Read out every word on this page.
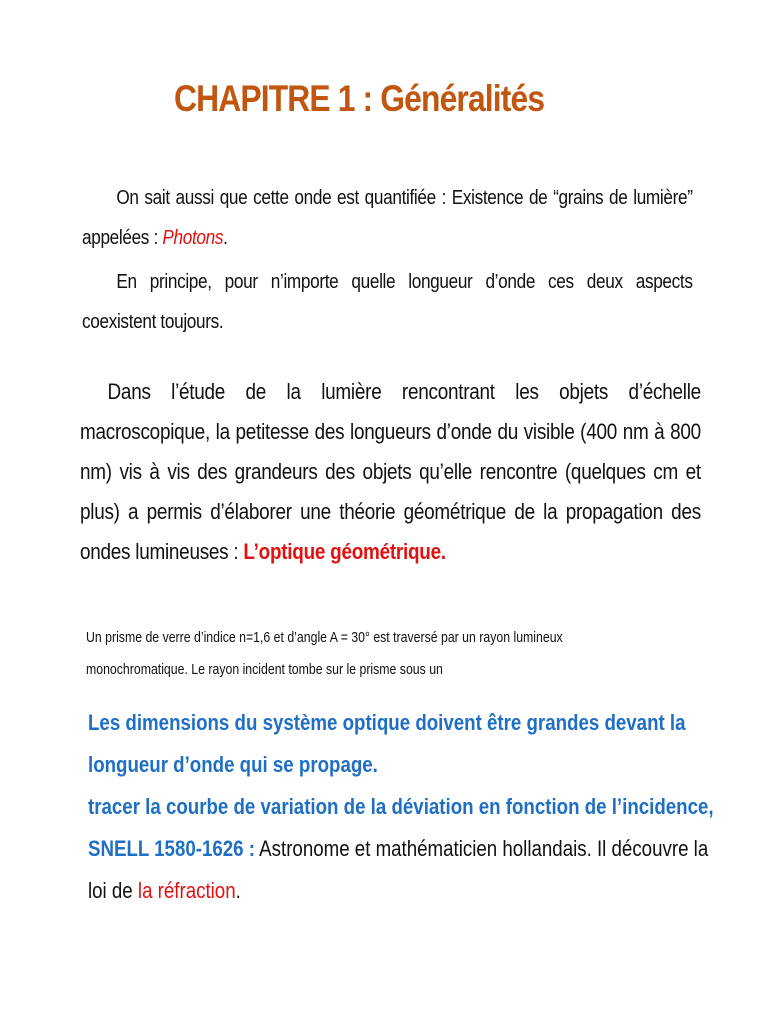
CHAPITRE 1 : Généralités
On sait aussi que cette onde est quantifiée : Existence de “grains de lumière” appelées : Photons.
En principe, pour n’importe quelle longueur d’onde ces deux aspects coexistent toujours.
Dans l’étude de la lumière rencontrant les objets d’échelle macroscopique, la petitesse des longueurs d’onde du visible (400 nm à 800 nm) vis à vis des grandeurs des objets qu’elle rencontre (quelques cm et plus) a permis d’élaborer une théorie géométrique de la propagation des ondes lumineuses : L’optique géométrique.
Un prisme de verre d’indice n=1,6 et d’angle A = 30° est traversé par un rayon lumineux
monochromatique. Le rayon incident tombe sur le prisme sous un
Les dimensions du système optique doivent être grandes devant la
longueur d’onde qui se propage.
tracer la courbe de variation de la déviation en fonction de l’incidence,
SNELL 1580-1626 : Astronome et mathématicien hollandais. Il découvre la
loi de la réfraction.
